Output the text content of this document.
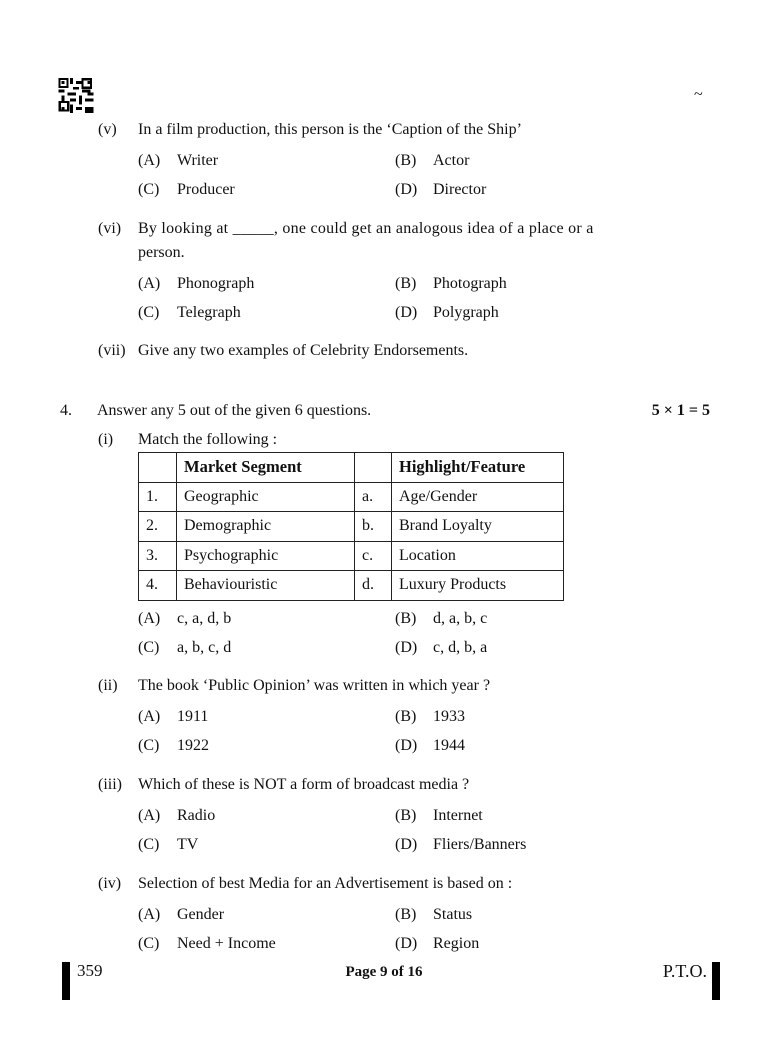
~
(v) In a film production, this person is the ‘Caption of the Ship’
(A) Writer	(B) Actor
(C) Producer	(D) Director
(vi) By looking at _____, one could get an analogous idea of a place or a
person.
(A) Phonograph	(B) Photograph
(C) Telegraph	(D) Polygraph
(vii) Give any two examples of Celebrity Endorsements.
4. Answer any 5 out of the given 6 questions.	5 × 1 = 5
(i) Match the following :
	Market Segment		Highlight/Feature
1.	Geographic	a.	Age/Gender
2.	Demographic	b.	Brand Loyalty
3.	Psychographic	c.	Location
4.	Behaviouristic	d.	Luxury Products
(A) c, a, d, b	(B) d, a, b, c
(C) a, b, c, d	(D) c, d, b, a
(ii) The book ‘Public Opinion’ was written in which year ?
(A) 1911	(B) 1933
(C) 1922	(D) 1944
(iii) Which of these is NOT a form of broadcast media ?
(A) Radio	(B) Internet
(C) TV	(D) Fliers/Banners
(iv) Selection of best Media for an Advertisement is based on :
(A) Gender	(B) Status
(C) Need + Income	(D) Region
359	Page 9 of 16	P.T.O.
